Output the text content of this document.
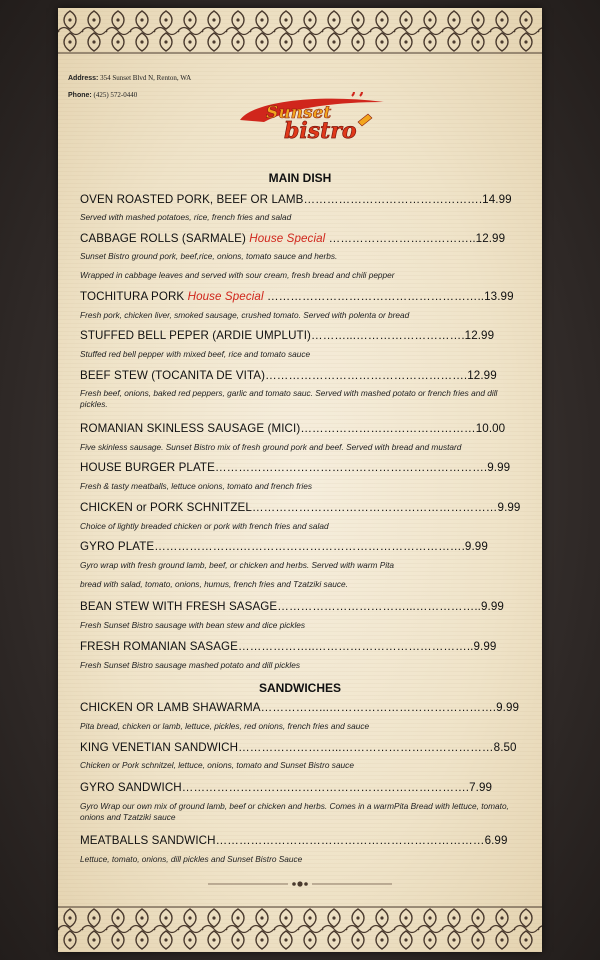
Address: 354 Sunset Blvd N, Renton, WA
Phone: (425) 572-0440
Sunset
bistro
MAIN DISH
OVEN ROASTED PORK, BEEF OR LAMB……………………………………….14.99
Served with mashed potatoes, rice, french fries and salad
CABBAGE ROLLS (SARMALE) House Special ………………………………..12.99
Sunset Bistro ground pork, beef,rice, onions, tomato sauce and herbs.
Wrapped in cabbage leaves and served with sour cream, fresh bread and chili pepper
TOCHITURA PORK House Special ………………………………………………..13.99
Fresh pork, chicken liver, smoked sausage, crushed tomato. Served with polenta or bread
STUFFED BELL PEPER (ARDIE UMPLUTI)………...……………………….12.99
Stuffed red bell pepper with mixed beef, rice and tomato sauce
BEEF STEW (TOCANITA DE VITA)…………………………………………….12.99
Fresh beef, onions, baked red peppers, garlic and tomato sauc. Served with mashed potato or french fries and dill pickles.
ROMANIAN SKINLESS SAUSAGE (MICI)………………………………………10.00
Five skinless sausage. Sunset Bistro mix of fresh ground pork and beef. Served with bread and mustard
HOUSE BURGER PLATE…………………………………………………………….9.99
Fresh & tasty meatballs, lettuce onions, tomato and french fries
CHICKEN or PORK SCHNITZEL………………………………………………………9.99
Choice of lightly breaded chicken or pork with french fries and salad
GYRO PLATE………………….………………………………………………….9.99
Gyro wrap with fresh ground lamb, beef, or chicken and herbs. Served with warm Pita
bread with salad, tomato, onions, humus, french fries and Tzatziki sauce.
BEAN STEW WITH FRESH SASAGE……………………………...……………..9.99
Fresh Sunset Bistro sausage with bean stew and dice pickles
FRESH ROMANIAN SASAGE………………..…………………………………..9.99
Fresh Sunset Bistro sausage mashed potato and dill pickles
SANDWICHES
CHICKEN OR LAMB SHAWARMA……………...…………………………………….9.99
Pita bread, chicken or lamb, lettuce, pickles, red onions, french fries and sauce
KING VENETIAN SANDWICH……………………...…………………………………8.50
Chicken or Pork schnitzel, lettuce, onions, tomato and Sunset Bistro sauce
GYRO SANDWICH……………………….……………………………………….7.99
Gyro Wrap our own mix of ground lamb, beef or chicken and herbs. Comes in a warmPita Bread with lettuce, tomato, onions and Tzatziki sauce
MEATBALLS SANDWICH……………………………………………………………6.99
Lettuce, tomato, onions, dill pickles and Sunset Bistro Sauce
